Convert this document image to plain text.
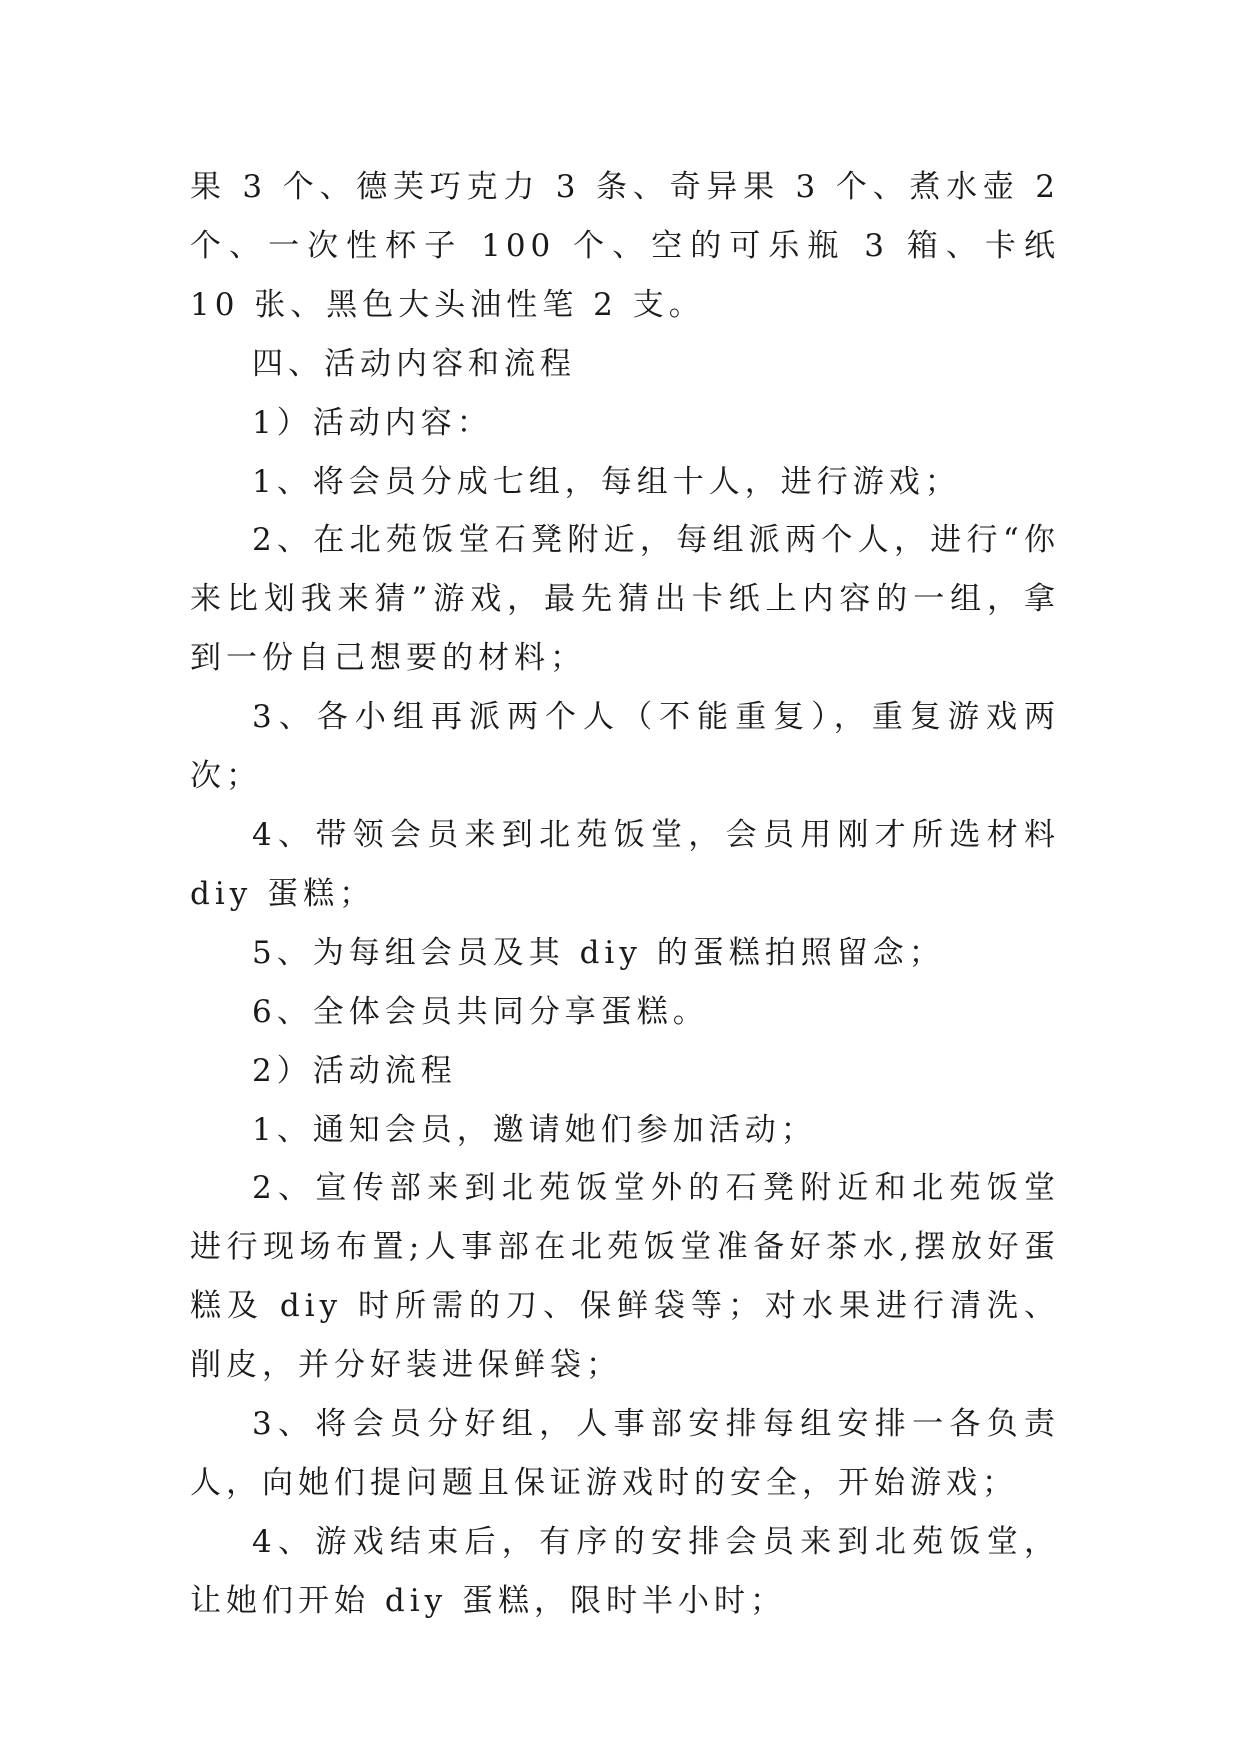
果 3 个、德芙巧克力 3 条、奇异果 3 个、煮水壶 2 个、一次性杯子 100 个、空的可乐瓶 3 箱、卡纸 10 张、黑色大头油性笔 2 支。

四、活动内容和流程

1）活动内容：

1、将会员分成七组，每组十人，进行游戏；

2、在北苑饭堂石凳附近，每组派两个人，进行“你来比划我来猜”游戏，最先猜出卡纸上内容的一组，拿到一份自己想要的材料；

3、各小组再派两个人（不能重复），重复游戏两次；

4、带领会员来到北苑饭堂，会员用刚才所选材料 diy 蛋糕；

5、为每组会员及其 diy 的蛋糕拍照留念；

6、全体会员共同分享蛋糕。

2）活动流程

1、通知会员，邀请她们参加活动；

2、宣传部来到北苑饭堂外的石凳附近和北苑饭堂进行现场布置;人事部在北苑饭堂准备好茶水,摆放好蛋糕及 diy 时所需的刀、保鲜袋等；对水果进行清洗、削皮，并分好装进保鲜袋；

3、将会员分好组，人事部安排每组安排一各负责人，向她们提问题且保证游戏时的安全，开始游戏；

4、游戏结束后，有序的安排会员来到北苑饭堂，让她们开始 diy 蛋糕，限时半小时；
